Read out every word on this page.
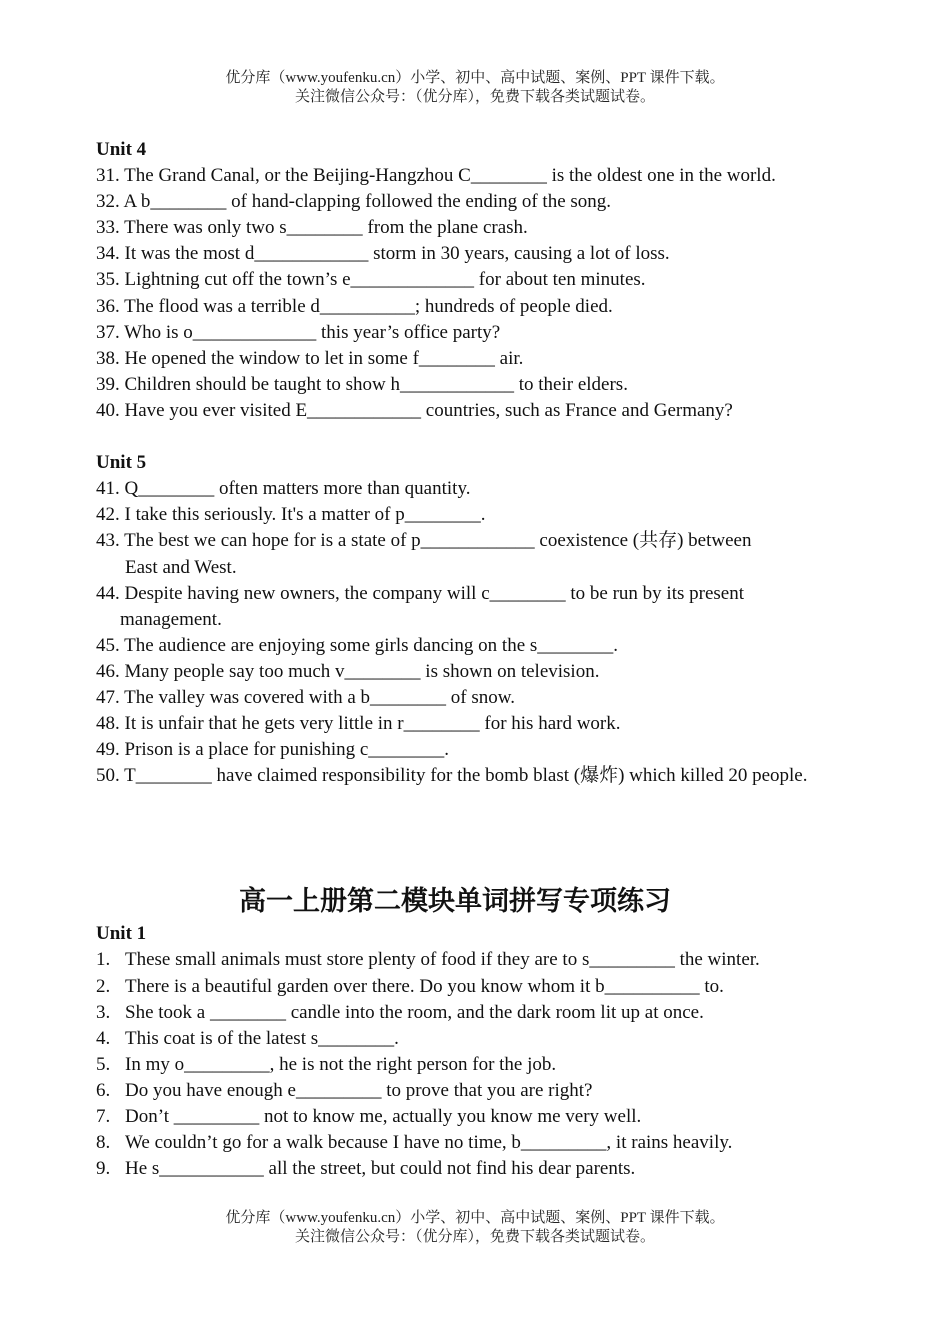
优分库（www.youfenku.cn）小学、初中、高中试题、案例、PPT 课件下载。
关注微信公众号：（优分库），免费下载各类试题试卷。
Unit 4
31. The Grand Canal, or the Beijing-Hangzhou C________ is the oldest one in the world.
32. A b________ of hand-clapping followed the ending of the song.
33. There was only two s________ from the plane crash.
34. It was the most d____________ storm in 30 years, causing a lot of loss.
35. Lightning cut off the town’s e_____________ for about ten minutes.
36. The flood was a terrible d__________; hundreds of people died.
37. Who is o_____________ this year’s office party?
38. He opened the window to let in some f________ air.
39. Children should be taught to show h____________ to their elders.
40. Have you ever visited E____________ countries, such as France and Germany?
Unit 5
41. Q________ often matters more than quantity.
42. I take this seriously. It's a matter of p________.
43. The best we can hope for is a state of p____________ coexistence (共存) between
East and West.
44. Despite having new owners, the company will c________ to be run by its present
management.
45. The audience are enjoying some girls dancing on the s________.
46. Many people say too much v________ is shown on television.
47. The valley was covered with a b________ of snow.
48. It is unfair that he gets very little in r________ for his hard work.
49. Prison is a place for punishing c________.
50. T________ have claimed responsibility for the bomb blast (爆炸) which killed 20 people.
高一上册第二模块单词拼写专项练习
Unit 1
1. These small animals must store plenty of food if they are to s_________ the winter.
2. There is a beautiful garden over there. Do you know whom it b__________ to.
3. She took a ________ candle into the room, and the dark room lit up at once.
4. This coat is of the latest s________.
5. In my o_________, he is not the right person for the job.
6. Do you have enough e_________ to prove that you are right?
7. Don’t _________ not to know me, actually you know me very well.
8. We couldn’t go for a walk because I have no time, b_________, it rains heavily.
9. He s___________ all the street, but could not find his dear parents.
优分库（www.youfenku.cn）小学、初中、高中试题、案例、PPT 课件下载。
关注微信公众号：（优分库），免费下载各类试题试卷。
